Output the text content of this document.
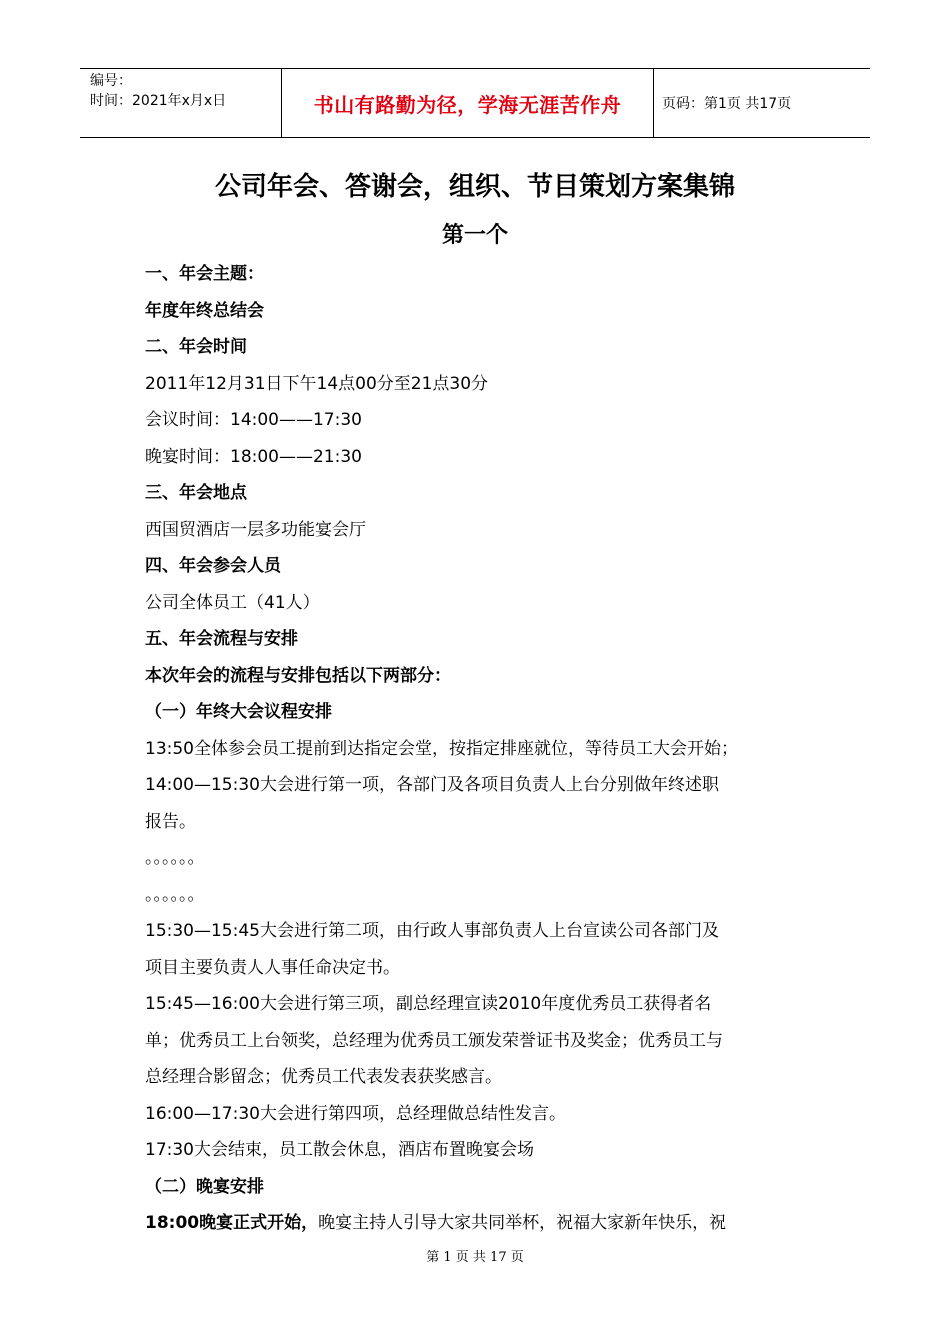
编号：
时间：2021年x月x日	书山有路勤为径，学海无涯苦作舟	页码：第1页 共17页
公司年会、答谢会，组织、节目策划方案集锦
第一个
一、年会主题：
年度年终总结会
二、年会时间
2011年12月31日下午14点00分至21点30分
会议时间：14:00——17:30
晚宴时间：18:00——21:30
三、年会地点
西国贸酒店一层多功能宴会厅
四、年会参会人员
公司全体员工（41人）
五、年会流程与安排
本次年会的流程与安排包括以下两部分：
（一）年终大会议程安排
13:50全体参会员工提前到达指定会堂，按指定排座就位，等待员工大会开始；
14:00—15:30大会进行第一项，各部门及各项目负责人上台分别做年终述职
报告。
。。。。。。
。。。。。。
15:30—15:45大会进行第二项，由行政人事部负责人上台宣读公司各部门及
项目主要负责人人事任命决定书。
15:45—16:00大会进行第三项，副总经理宣读2010年度优秀员工获得者名
单；优秀员工上台领奖，总经理为优秀员工颁发荣誉证书及奖金；优秀员工与
总经理合影留念；优秀员工代表发表获奖感言。
16:00—17:30大会进行第四项，总经理做总结性发言。
17:30大会结束，员工散会休息，酒店布置晚宴会场
（二）晚宴安排
18:00晚宴正式开始，晚宴主持人引导大家共同举杯，祝福大家新年快乐，祝
第 1 页 共 17 页
